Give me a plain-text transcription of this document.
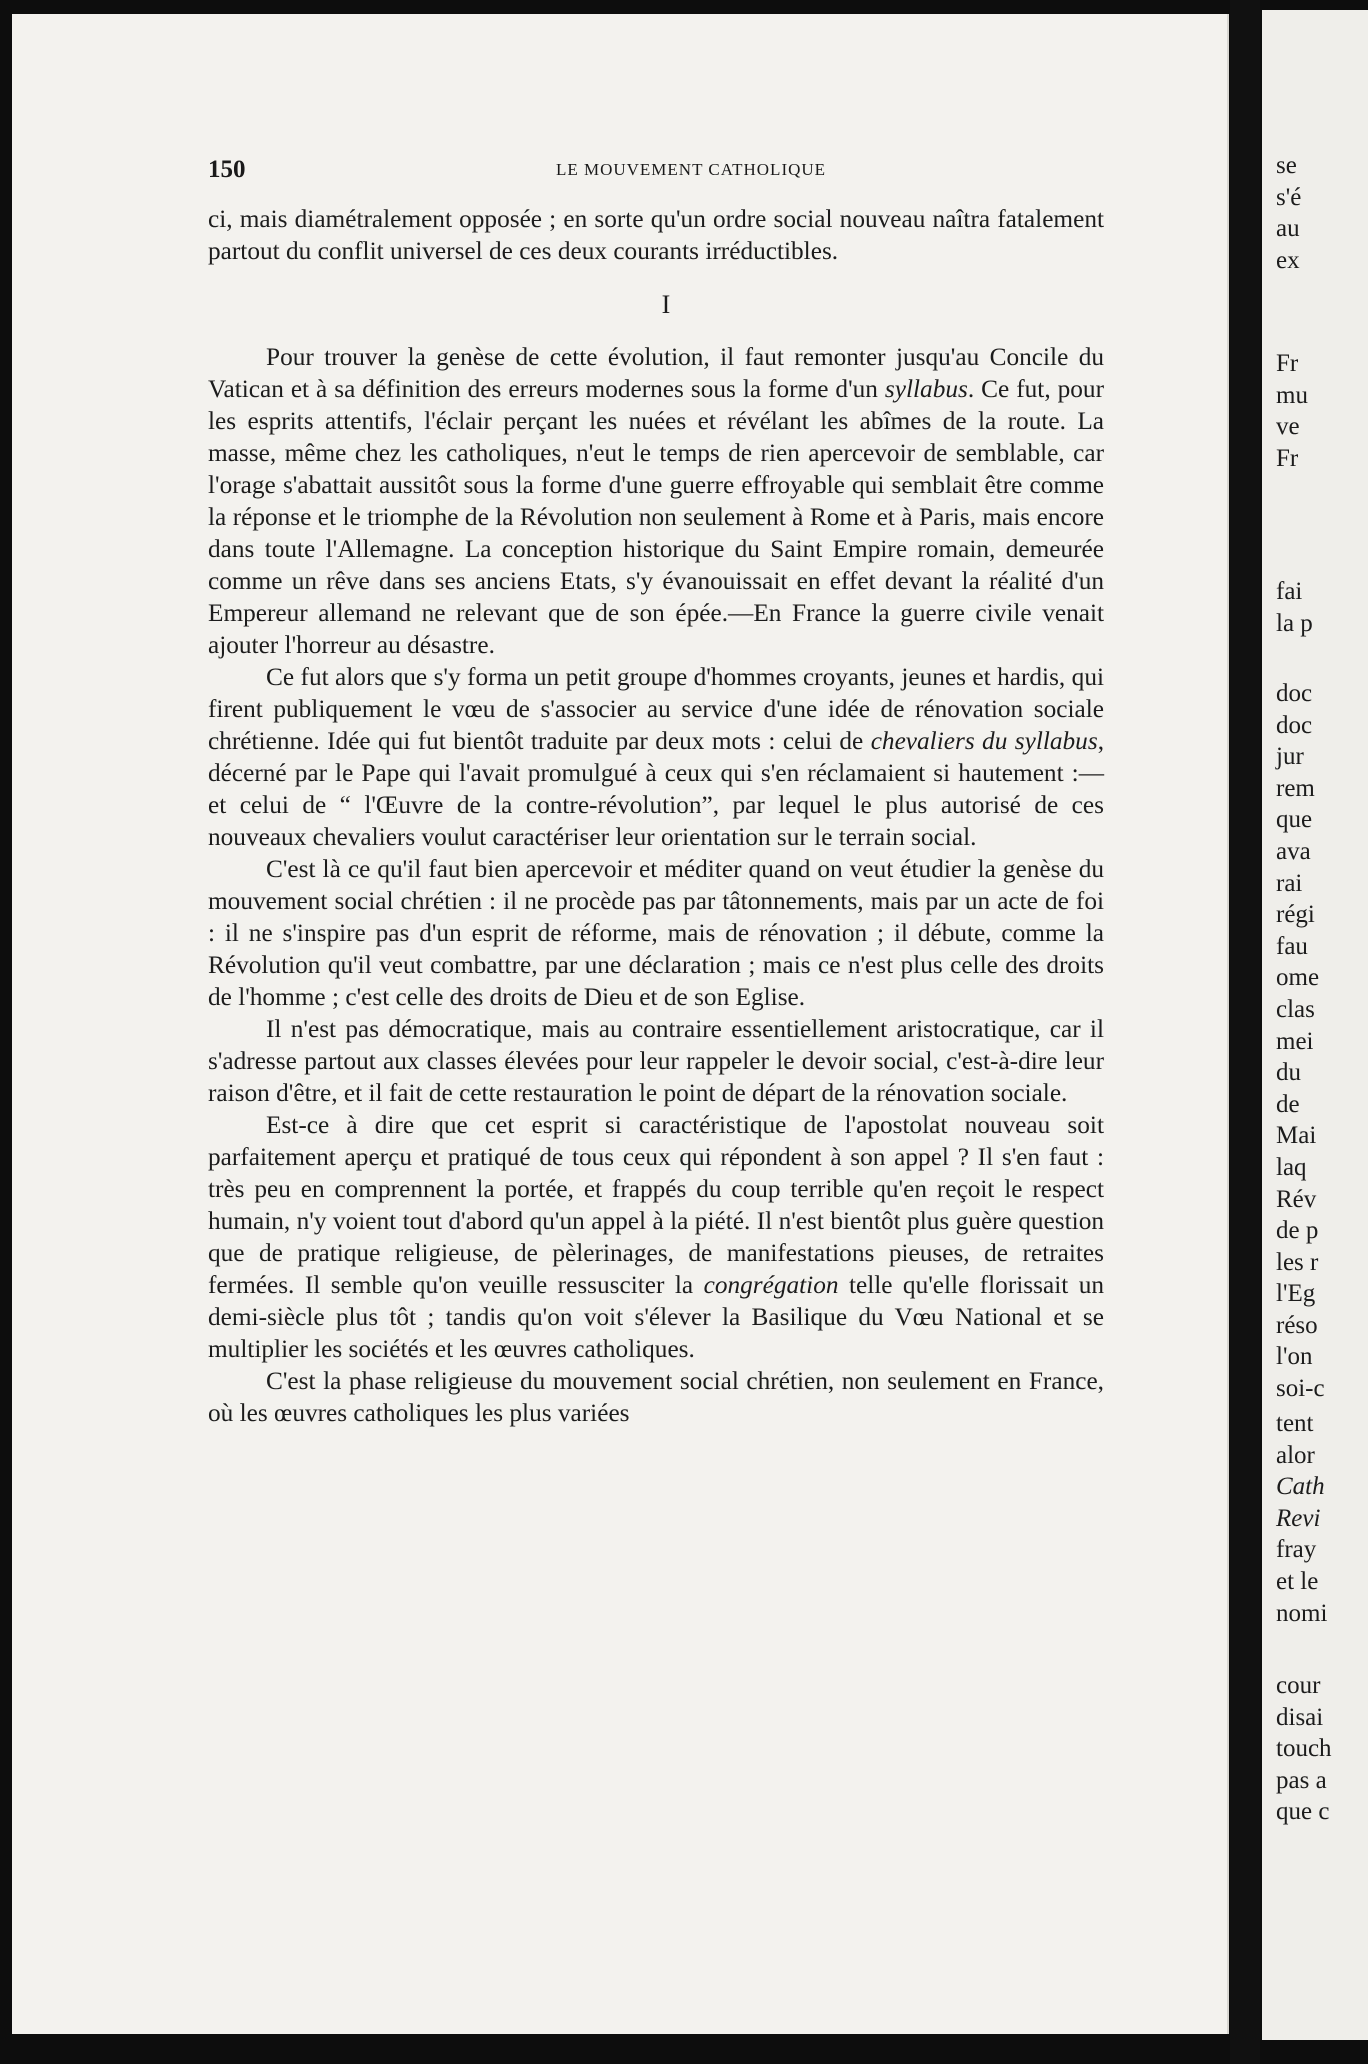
se
s'é
au
ex
Fr
mu
ve
Fr
fai
la p
doc
doc
jur
rem
que
ava
rai
régi
fau
ome
clas
mei
du
de
Mai
laq
Rév
de p
les r
l'Eg
réso
l'on
soi-c
tent
alor
Cath
Revi
fray
et le
nomi
cour
disai
touch
pas a
que c
150	LE MOUVEMENT CATHOLIQUE

ci, mais diamétralement opposée ; en sorte qu'un ordre social nouveau naîtra fatalement partout du conflit universel de ces deux courants irréductibles.

I

Pour trouver la genèse de cette évolution, il faut remonter jusqu'au Concile du Vatican et à sa définition des erreurs modernes sous la forme d'un syllabus. Ce fut, pour les esprits attentifs, l'éclair perçant les nuées et révélant les abîmes de la route. La masse, même chez les catholiques, n'eut le temps de rien apercevoir de semblable, car l'orage s'abattait aussitôt sous la forme d'une guerre effroyable qui semblait être comme la réponse et le triomphe de la Révolution non seulement à Rome et à Paris, mais encore dans toute l'Allemagne. La conception historique du Saint Empire romain, demeurée comme un rêve dans ses anciens Etats, s'y évanouissait en effet devant la réalité d'un Empereur allemand ne relevant que de son épée.—En France la guerre civile venait ajouter l'horreur au désastre.

Ce fut alors que s'y forma un petit groupe d'hommes croyants, jeunes et hardis, qui firent publiquement le vœu de s'associer au service d'une idée de rénovation sociale chrétienne. Idée qui fut bientôt traduite par deux mots : celui de chevaliers du syllabus, décerné par le Pape qui l'avait promulgué à ceux qui s'en réclamaient si hautement :— et celui de “ l'Œuvre de la contre-révolution”, par lequel le plus autorisé de ces nouveaux chevaliers voulut caractériser leur orientation sur le terrain social.

C'est là ce qu'il faut bien apercevoir et méditer quand on veut étudier la genèse du mouvement social chrétien : il ne procède pas par tâtonnements, mais par un acte de foi : il ne s'inspire pas d'un esprit de réforme, mais de rénovation ; il débute, comme la Révolution qu'il veut combattre, par une déclaration ; mais ce n'est plus celle des droits de l'homme ; c'est celle des droits de Dieu et de son Eglise.

Il n'est pas démocratique, mais au contraire essentiellement aristocratique, car il s'adresse partout aux classes élevées pour leur rappeler le devoir social, c'est-à-dire leur raison d'être, et il fait de cette restauration le point de départ de la rénovation sociale.

Est-ce à dire que cet esprit si caractéristique de l'apostolat nouveau soit parfaitement aperçu et pratiqué de tous ceux qui répondent à son appel ? Il s'en faut : très peu en comprennent la portée, et frappés du coup terrible qu'en reçoit le respect humain, n'y voient tout d'abord qu'un appel à la piété. Il n'est bientôt plus guère question que de pratique religieuse, de pèlerinages, de manifestations pieuses, de retraites fermées. Il semble qu'on veuille ressusciter la congrégation telle qu'elle florissait un demi-siècle plus tôt ; tandis qu'on voit s'élever la Basilique du Vœu National et se multiplier les sociétés et les œuvres catholiques.

C'est la phase religieuse du mouvement social chrétien, non seulement en France, où les œuvres catholiques les plus variées
